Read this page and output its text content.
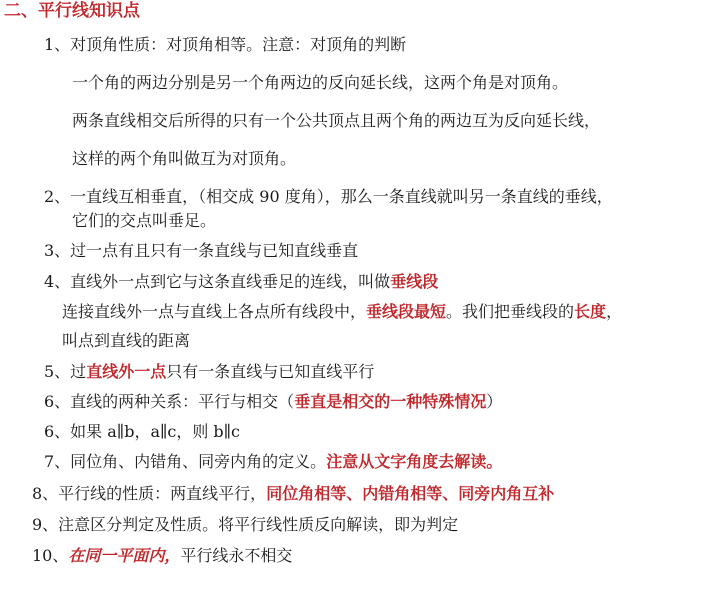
二、平行线知识点
1、对顶角性质：对顶角相等。注意：对顶角的判断
一个角的两边分别是另一个角两边的反向延长线，这两个角是对顶角。
两条直线相交后所得的只有一个公共顶点且两个角的两边互为反向延长线，
这样的两个角叫做互为对顶角。
2、一直线互相垂直，（相交成 90 度角），那么一条直线就叫另一条直线的垂线，
它们的交点叫垂足。
3、过一点有且只有一条直线与已知直线垂直
4、直线外一点到它与这条直线垂足的连线，叫做垂线段
连接直线外一点与直线上各点所有线段中，垂线段最短。我们把垂线段的长度，
叫点到直线的距离
5、过直线外一点只有一条直线与已知直线平行
6、直线的两种关系：平行与相交（垂直是相交的一种特殊情况）
6、如果 a∥b，a∥c，则 b∥c
7、同位角、内错角、同旁内角的定义。注意从文字角度去解读。
8、平行线的性质：两直线平行，同位角相等、内错角相等、同旁内角互补
9、注意区分判定及性质。将平行线性质反向解读，即为判定
10、在同一平面内，平行线永不相交
